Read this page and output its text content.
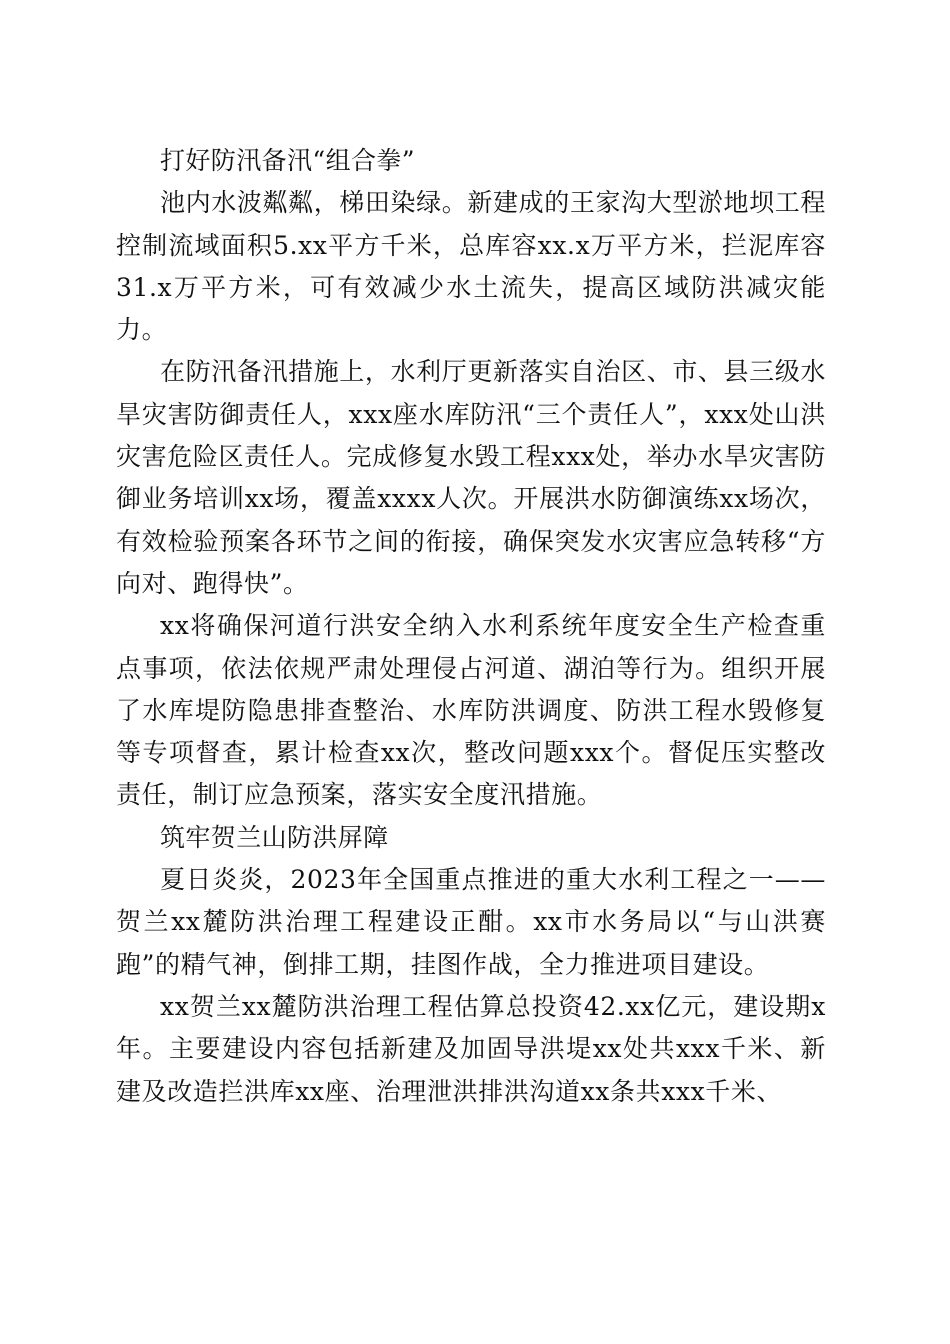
打好防汛备汛“组合拳”

池内水波粼粼，梯田染绿。新建成的王家沟大型淤地坝工程控制流域面积5.xx平方千米，总库容xx.x万平方米，拦泥库容31.x万平方米，可有效减少水土流失，提高区域防洪减灾能力。

在防汛备汛措施上，水利厅更新落实自治区、市、县三级水旱灾害防御责任人，xxx座水库防汛“三个责任人”，xxx处山洪灾害危险区责任人。完成修复水毁工程xxx处，举办水旱灾害防御业务培训xx场，覆盖xxxx人次。开展洪水防御演练xx场次，有效检验预案各环节之间的衔接，确保突发水灾害应急转移“方向对、跑得快”。

xx将确保河道行洪安全纳入水利系统年度安全生产检查重点事项，依法依规严肃处理侵占河道、湖泊等行为。组织开展了水库堤防隐患排查整治、水库防洪调度、防洪工程水毁修复等专项督查，累计检查xx次，整改问题xxx个。督促压实整改责任，制订应急预案，落实安全度汛措施。

筑牢贺兰山防洪屏障

夏日炎炎，2023年全国重点推进的重大水利工程之一——贺兰xx麓防洪治理工程建设正酣。xx市水务局以“与山洪赛跑”的精气神，倒排工期，挂图作战，全力推进项目建设。

xx贺兰xx麓防洪治理工程估算总投资42.xx亿元，建设期x年。主要建设内容包括新建及加固导洪堤xx处共xxx千米、新建及改造拦洪库xx座、治理泄洪排洪沟道xx条共xxx千米、
